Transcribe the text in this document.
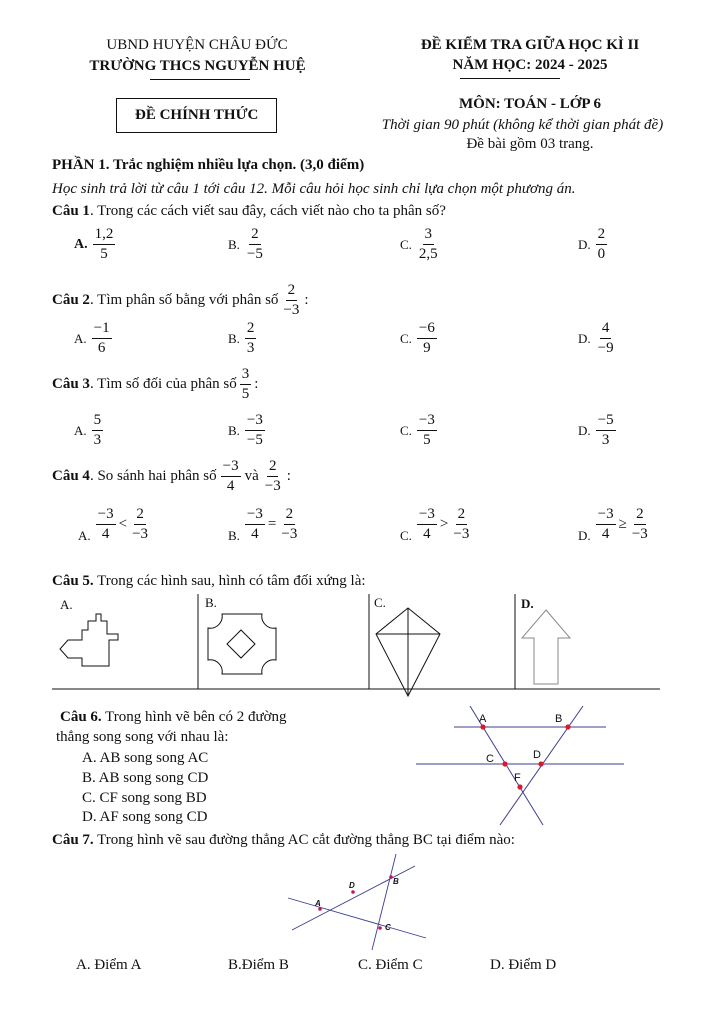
UBND HUYỆN CHÂU ĐỨC
TRƯỜNG THCS NGUYỄN HUỆ
ĐỀ KIỂM TRA GIỮA HỌC KÌ II
NĂM HỌC: 2024 - 2025
ĐỀ CHÍNH THỨC
MÔN: TOÁN - LỚP 6
Thời gian 90 phút (không kể thời gian phát đề)
Đề bài gồm 03 trang.
PHẦN 1. Trắc nghiệm nhiều lựa chọn. (3,0 điểm)
Học sinh trả lời từ câu 1 tới câu 12. Mỗi câu hỏi học sinh chỉ lựa chọn một phương án.
Câu 1. Trong các cách viết sau đây, cách viết nào cho ta phân số?
A. $\frac{1,2}{5}$	B. $\frac{2}{-5}$	C. $\frac{3}{2,5}$	D. $\frac{2}{0}$
Câu 2. Tìm phân số bằng với phân số $\frac{2}{-3}$ :
A. $\frac{-1}{6}$	B. $\frac{2}{3}$	C. $\frac{-6}{9}$	D. $\frac{4}{-9}$
Câu 3. Tìm số đối của phân số $\frac{3}{5}$ :
A. $\frac{5}{3}$	B. $\frac{-3}{-5}$	C. $\frac{-3}{5}$	D. $\frac{-5}{3}$
Câu 4. So sánh hai phân số $\frac{-3}{4}$ và $\frac{2}{-3}$ :
A. $\frac{-3}{4} < \frac{2}{-3}$	B. $\frac{-3}{4} = \frac{2}{-3}$	C. $\frac{-3}{4} > \frac{2}{-3}$	D. $\frac{-3}{4} \ge \frac{2}{-3}$
Câu 5. Trong các hình sau, hình có tâm đối xứng là:
A.	B.	C.	D.
Câu 6. Trong hình vẽ bên có 2 đường
thẳng song song với nhau là:
A. AB song song AC
B. AB song song CD
C. CF song song BD
D. AF song song CD
A	B
C	D
F
Câu 7. Trong hình vẽ sau đường thẳng AC cắt đường thẳng BC tại điểm nào:
A
B
C
D
A. Điểm A	B.Điểm B	C. Điểm C	D. Điểm D
